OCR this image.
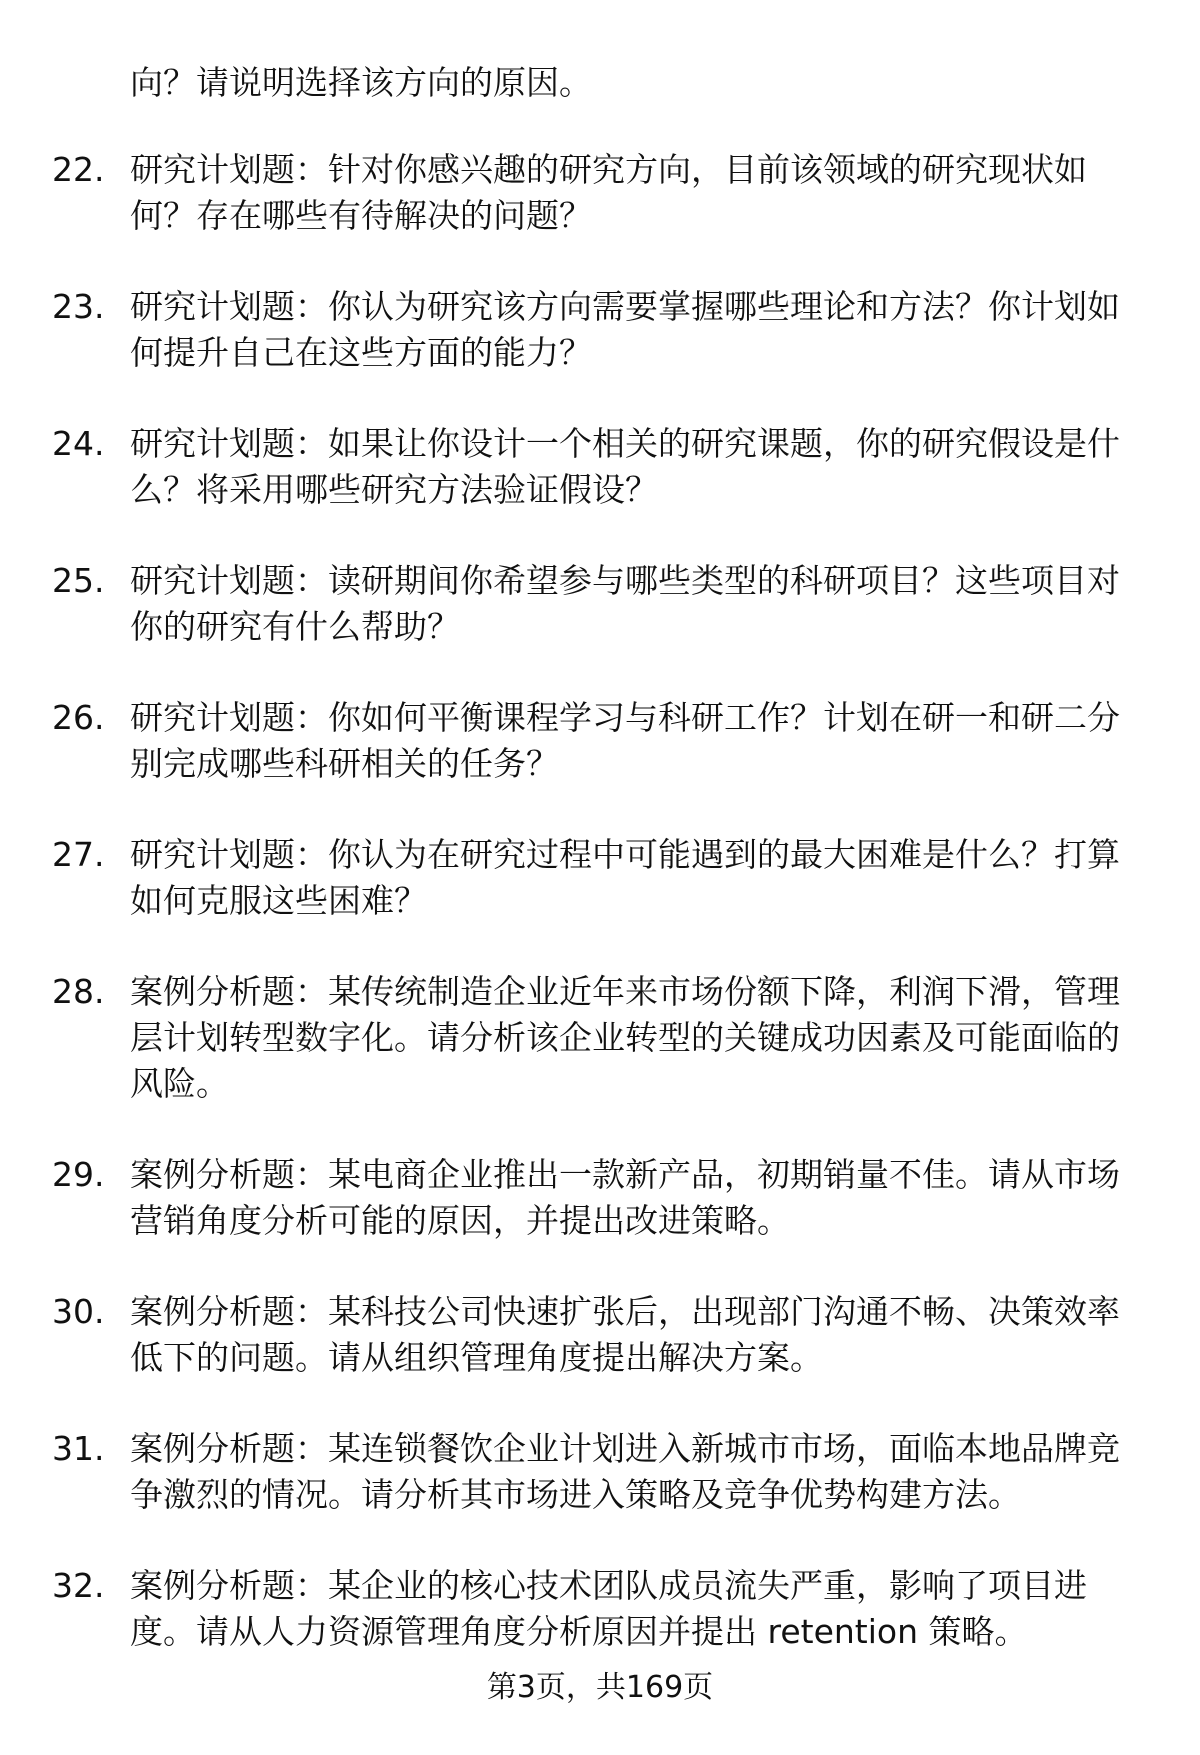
向？请说明选择该方向的原因。

22. 研究计划题：针对你感兴趣的研究方向，目前该领域的研究现状如何？存在哪些有待解决的问题？
23. 研究计划题：你认为研究该方向需要掌握哪些理论和方法？你计划如何提升自己在这些方面的能力？
24. 研究计划题：如果让你设计一个相关的研究课题，你的研究假设是什么？将采用哪些研究方法验证假设？
25. 研究计划题：读研期间你希望参与哪些类型的科研项目？这些项目对你的研究有什么帮助？
26. 研究计划题：你如何平衡课程学习与科研工作？计划在研一和研二分别完成哪些科研相关的任务？
27. 研究计划题：你认为在研究过程中可能遇到的最大困难是什么？打算如何克服这些困难？
28. 案例分析题：某传统制造企业近年来市场份额下降，利润下滑，管理层计划转型数字化。请分析该企业转型的关键成功因素及可能面临的风险。
29. 案例分析题：某电商企业推出一款新产品，初期销量不佳。请从市场营销角度分析可能的原因，并提出改进策略。
30. 案例分析题：某科技公司快速扩张后，出现部门沟通不畅、决策效率低下的问题。请从组织管理角度提出解决方案。
31. 案例分析题：某连锁餐饮企业计划进入新城市市场，面临本地品牌竞争激烈的情况。请分析其市场进入策略及竞争优势构建方法。
32. 案例分析题：某企业的核心技术团队成员流失严重，影响了项目进度。请从人力资源管理角度分析原因并提出 retention 策略。
第3页，共169页
